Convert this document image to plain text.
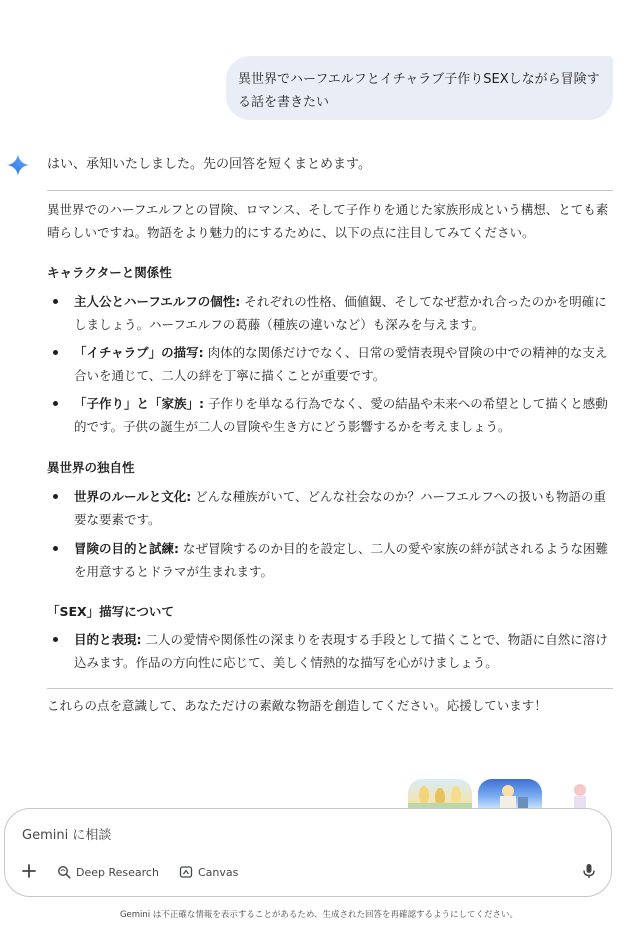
異世界でハーフエルフとイチャラブ子作りSEXしながら冒険する話を書きたい
はい、承知いたしました。先の回答を短くまとめます。
異世界でのハーフエルフとの冒険、ロマンス、そして子作りを通じた家族形成という構想、とても素晴らしいですね。物語をより魅力的にするために、以下の点に注目してみてください。
キャラクターと関係性
主人公とハーフエルフの個性: それぞれの性格、価値観、そしてなぜ惹かれ合ったのかを明確にしましょう。ハーフエルフの葛藤（種族の違いなど）も深みを与えます。
「イチャラブ」の描写: 肉体的な関係だけでなく、日常の愛情表現や冒険の中での精神的な支え合いを通じて、二人の絆を丁寧に描くことが重要です。
「子作り」と「家族」: 子作りを単なる行為でなく、愛の結晶や未来への希望として描くと感動的です。子供の誕生が二人の冒険や生き方にどう影響するかを考えましょう。
異世界の独自性
世界のルールと文化: どんな種族がいて、どんな社会なのか？ハーフエルフへの扱いも物語の重要な要素です。
冒険の目的と試練: なぜ冒険するのか目的を設定し、二人の愛や家族の絆が試されるような困難を用意するとドラマが生まれます。
「SEX」描写について
目的と表現: 二人の愛情や関係性の深まりを表現する手段として描くことで、物語に自然に溶け込みます。作品の方向性に応じて、美しく情熱的な描写を心がけましょう。
これらの点を意識して、あなただけの素敵な物語を創造してください。応援しています！
Gemini に相談
Deep Research	Canvas
Gemini は不正確な情報を表示することがあるため、生成された回答を再確認するようにしてください。
